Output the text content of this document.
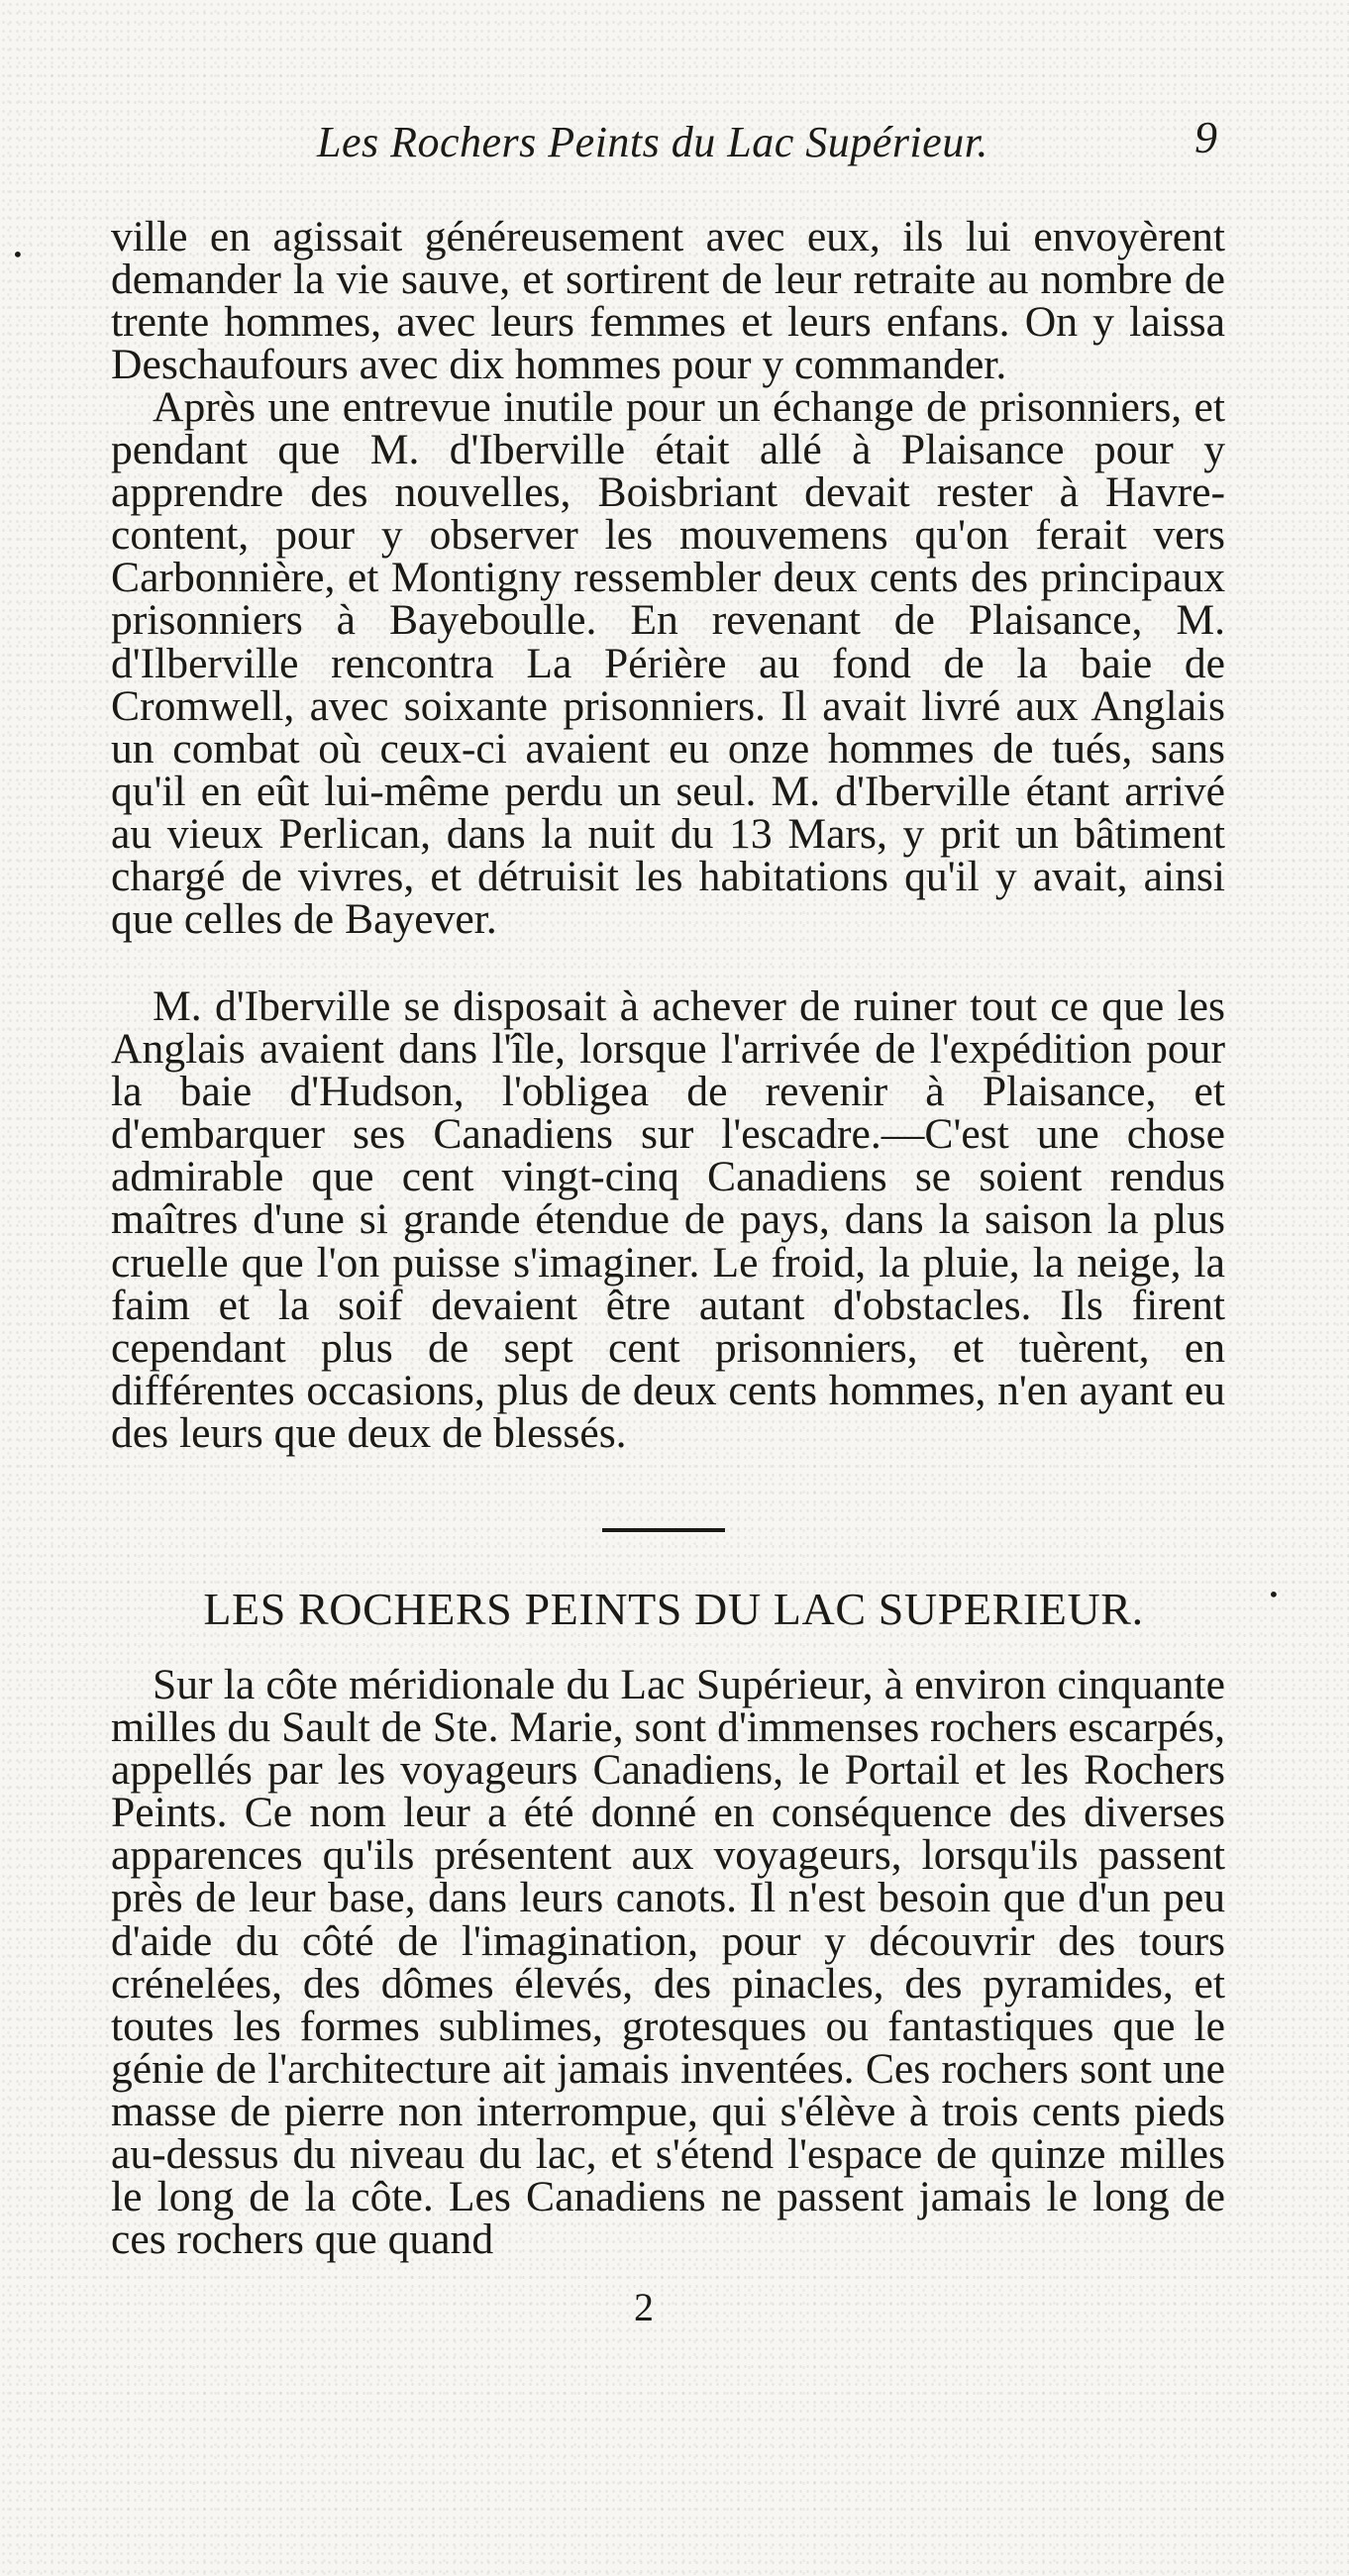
Les Rochers Peints du Lac Supérieur.	9
• ville en agissait généreusement avec eux, ils lui envoyèrent demander la vie sauve, et sortirent de leur retraite au nombre de trente hommes, avec leurs femmes et leurs enfans. On y laissa Deschaufours avec dix hommes pour y commander.

Après une entrevue inutile pour un échange de prisonniers, et pendant que M. d'Iberville était allé à Plaisance pour y apprendre des nouvelles, Boisbriant devait rester à Havre-content, pour y observer les mouvemens qu'on ferait vers Carbonnière, et Montigny ressembler deux cents des principaux prisonniers à Bayeboulle. En revenant de Plaisance, M. d'Ilberville rencontra La Périère au fond de la baie de Cromwell, avec soixante prisonniers. Il avait livré aux Anglais un combat où ceux-ci avaient eu onze hommes de tués, sans qu'il en eût lui-même perdu un seul. M. d'Iberville étant arrivé au vieux Perlican, dans la nuit du 13 Mars, y prit un bâtiment chargé de vivres, et détruisit les habitations qu'il y avait, ainsi que celles de Bayever.

M. d'Iberville se disposait à achever de ruiner tout ce que les Anglais avaient dans l'île, lorsque l'arrivée de l'expédition pour la baie d'Hudson, l'obligea de revenir à Plaisance, et d'embarquer ses Canadiens sur l'escadre.—C'est une chose admirable que cent vingt-cinq Canadiens se soient rendus maîtres d'une si grande étendue de pays, dans la saison la plus cruelle que l'on puisse s'imaginer. Le froid, la pluie, la neige, la faim et la soif devaient être autant d'obstacles. Ils firent cependant plus de sept cent prisonniers, et tuèrent, en différentes occasions, plus de deux cents hommes, n'en ayant eu des leurs que deux de blessés.

LES ROCHERS PEINTS DU LAC SUPERIEUR.	•

Sur la côte méridionale du Lac Supérieur, à environ cinquante milles du Sault de Ste. Marie, sont d'immenses rochers escarpés, appellés par les voyageurs Canadiens, le Portail et les Rochers Peints. Ce nom leur a été donné en conséquence des diverses apparences qu'ils présentent aux voyageurs, lorsqu'ils passent près de leur base, dans leurs canots. Il n'est besoin que d'un peu d'aide du côté de l'imagination, pour y découvrir des tours crénelées, des dômes élevés, des pinacles, des pyramides, et toutes les formes sublimes, grotesques ou fantastiques que le génie de l'architecture ait jamais inventées. Ces rochers sont une masse de pierre non interrompue, qui s'élève à trois cents pieds au-dessus du niveau du lac, et s'étend l'espace de quinze milles le long de la côte. Les Canadiens ne passent jamais le long de ces rochers que quand

2
